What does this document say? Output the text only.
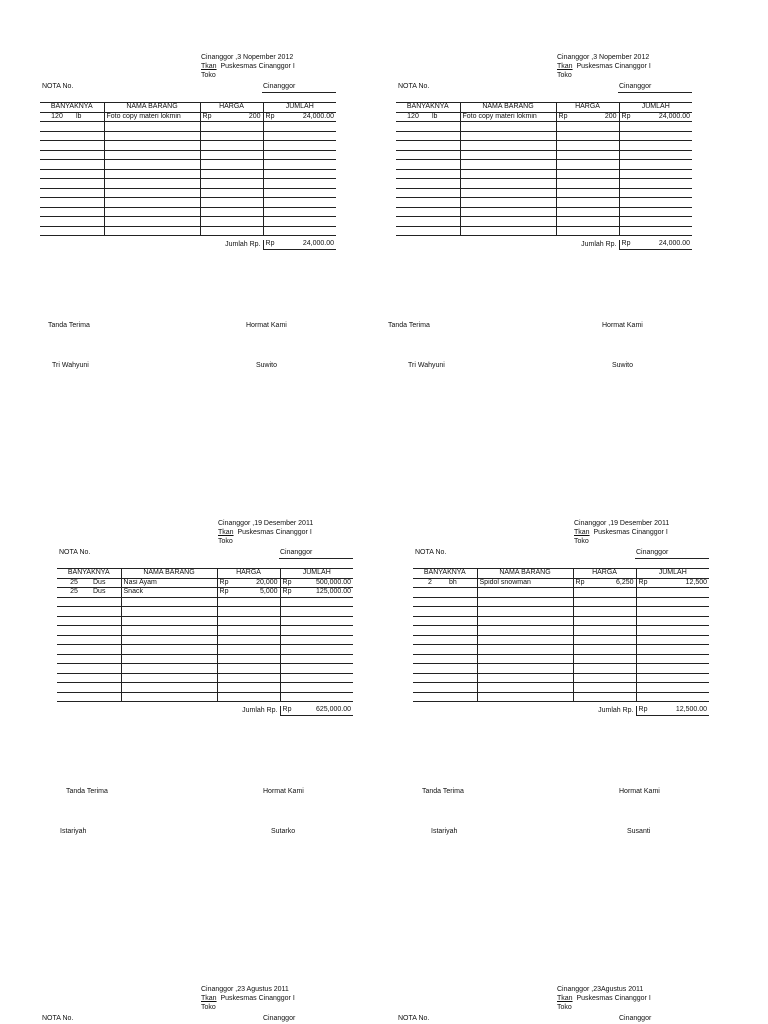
Cinanggor ,3 Nopember 2012
Tkan Puskesmas Cinanggor I
Toko
NOTA No.	Cinanggor
BANYAKNYA		NAMA BARANG	HARGA	JUMLAH
120	lb	Foto copy materi lokmin	Rp 200	Rp 24,000.00

			Jumlah Rp.	Rp 24,000.00
Tanda Terima	Hormat Kami
Tri Wahyuni	Suwito
Cinanggor ,3 Nopember 2012
Tkan Puskesmas Cinanggor I
Toko
NOTA No.	Cinanggor
BANYAKNYA		NAMA BARANG	HARGA	JUMLAH
120	lb	Foto copy materi lokmin	Rp 200	Rp 24,000.00

			Jumlah Rp.	Rp 24,000.00
Tanda Terima	Hormat Kami
Tri Wahyuni	Suwito
Cinanggor ,19 Desember 2011
Tkan Puskesmas Cinanggor I
Toko
NOTA No.	Cinanggor
BANYAKNYA		NAMA BARANG	HARGA	JUMLAH
25	Dus	Nasi Ayam	Rp 20,000	Rp 500,000.00

25	Dus	Snack	Rp 5,000	Rp 125,000.00

			Jumlah Rp.	Rp 625,000.00
Tanda Terima	Hormat Kami
Istariyah	Sutarko
Cinanggor ,19 Desember 2011
Tkan Puskesmas Cinanggor I
Toko
NOTA No.	Cinanggor
BANYAKNYA		NAMA BARANG	HARGA	JUMLAH
2	bh	Spidol snowman	Rp 6,250	Rp 12,500

			Jumlah Rp.	Rp 12,500.00
Tanda Terima	Hormat Kami
Istariyah	Susanti
Cinanggor ,23 Agustus 2011
Tkan Puskesmas Cinanggor I
Toko
NOTA No.	Cinanggor
Cinanggor ,23Agustus 2011
Tkan Puskesmas Cinanggor I
Toko
NOTA No.	Cinanggor
